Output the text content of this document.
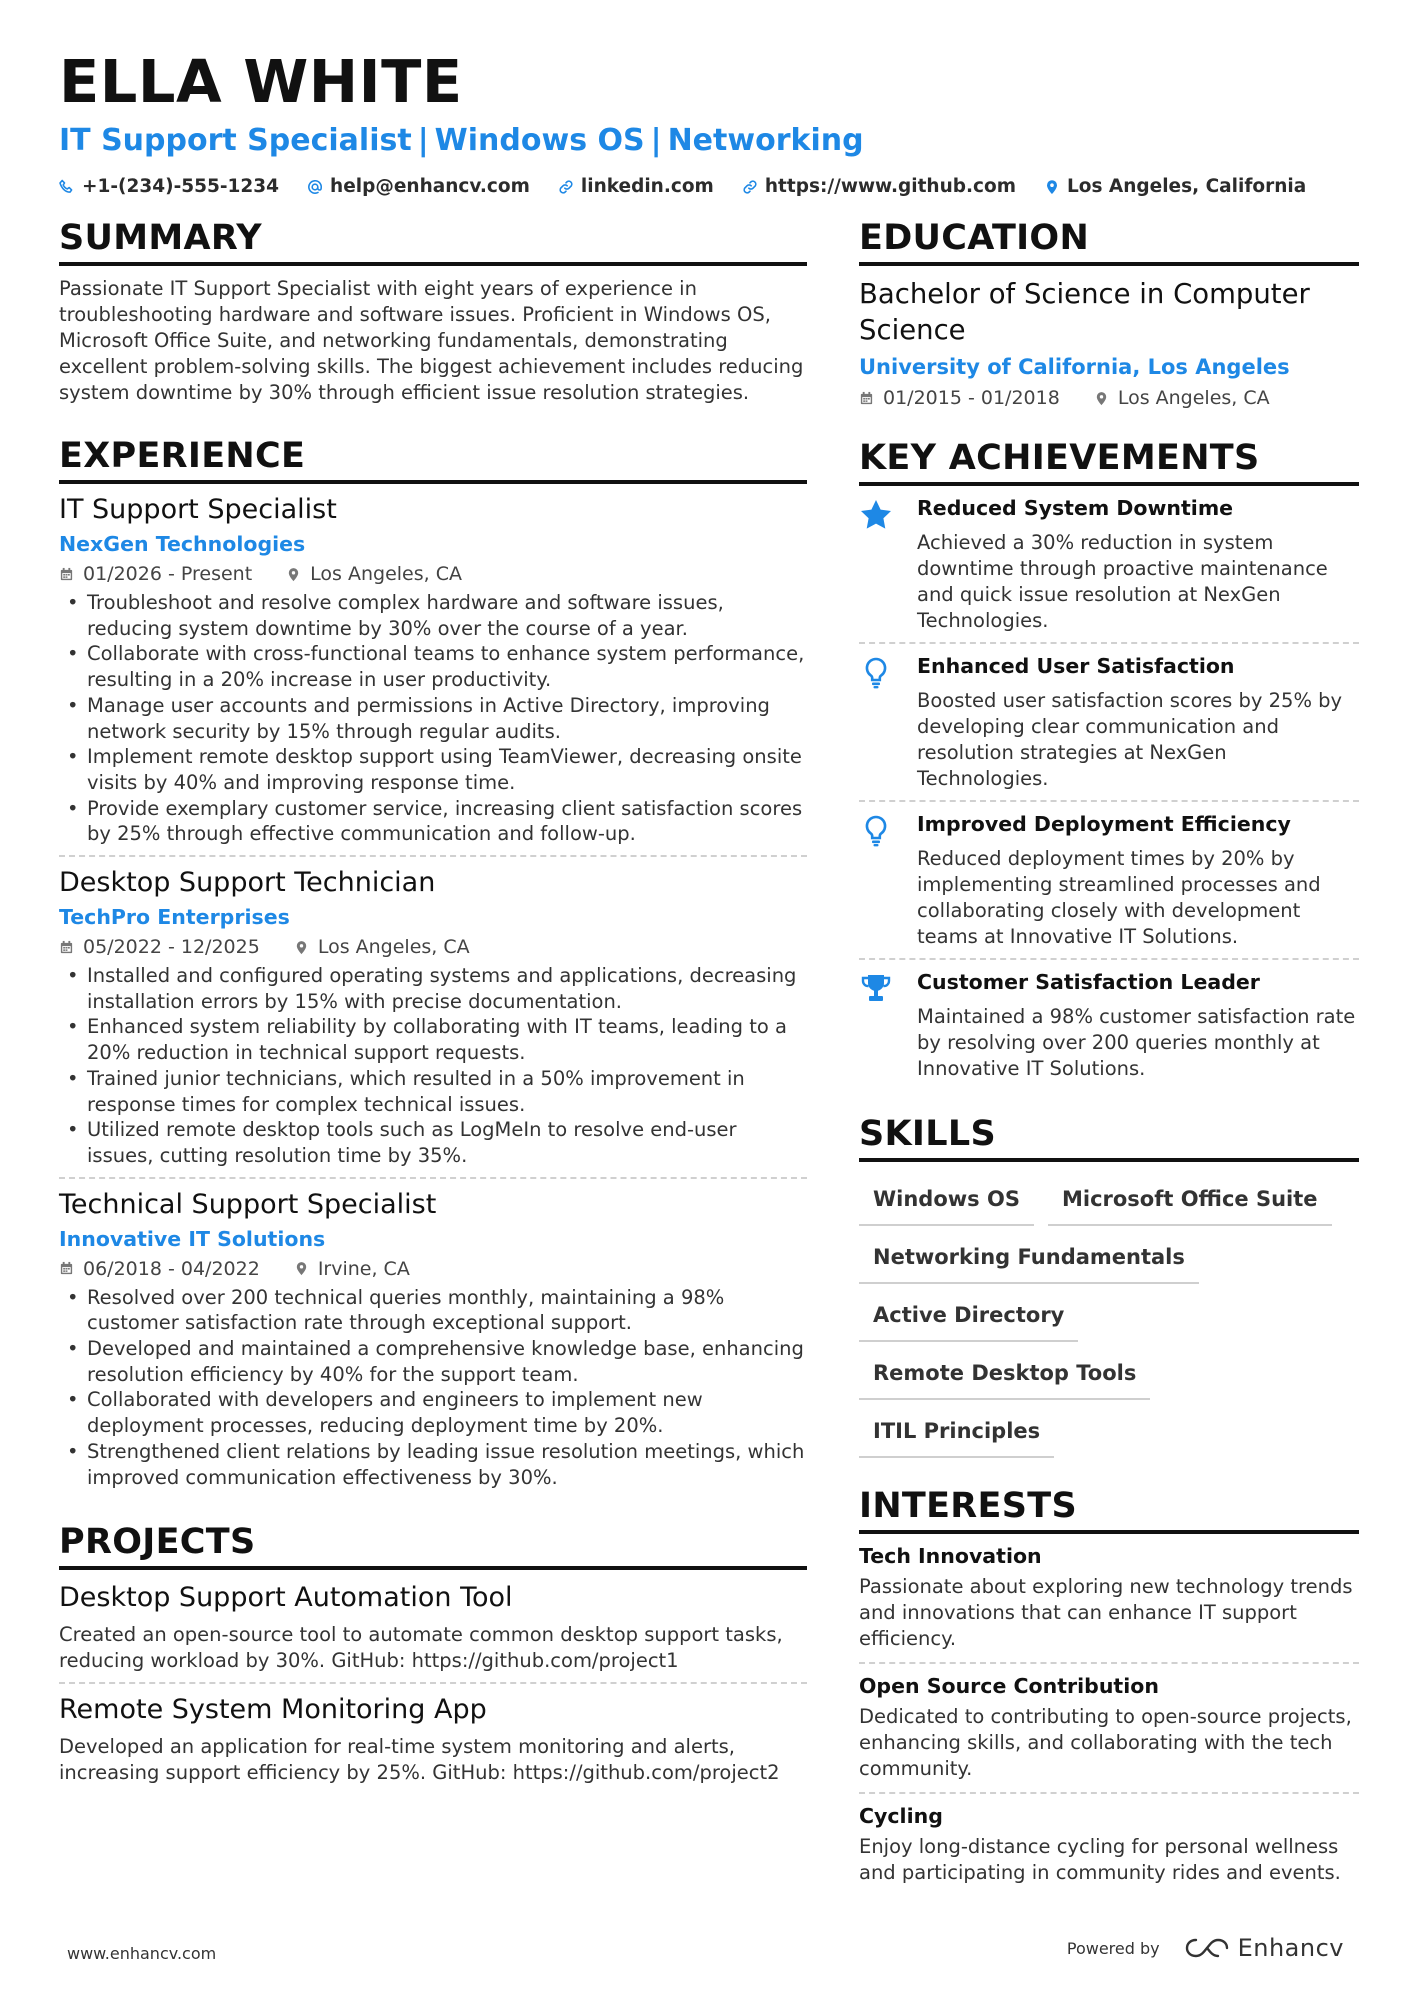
ELLA WHITE
IT Support Specialist | Windows OS | Networking
+1-(234)-555-1234	help@enhancv.com	linkedin.com	https://www.github.com	Los Angeles, California
SUMMARY
Passionate IT Support Specialist with eight years of experience in troubleshooting hardware and software issues. Proficient in Windows OS, Microsoft Office Suite, and networking fundamentals, demonstrating excellent problem-solving skills. The biggest achievement includes reducing system downtime by 30% through efficient issue resolution strategies.
EXPERIENCE
IT Support Specialist
NexGen Technologies
01/2026 - Present	Los Angeles, CA
• Troubleshoot and resolve complex hardware and software issues, reducing system downtime by 30% over the course of a year.
• Collaborate with cross-functional teams to enhance system performance, resulting in a 20% increase in user productivity.
• Manage user accounts and permissions in Active Directory, improving network security by 15% through regular audits.
• Implement remote desktop support using TeamViewer, decreasing onsite visits by 40% and improving response time.
• Provide exemplary customer service, increasing client satisfaction scores by 25% through effective communication and follow-up.
Desktop Support Technician
TechPro Enterprises
05/2022 - 12/2025	Los Angeles, CA
• Installed and configured operating systems and applications, decreasing installation errors by 15% with precise documentation.
• Enhanced system reliability by collaborating with IT teams, leading to a 20% reduction in technical support requests.
• Trained junior technicians, which resulted in a 50% improvement in response times for complex technical issues.
• Utilized remote desktop tools such as LogMeIn to resolve end-user issues, cutting resolution time by 35%.
Technical Support Specialist
Innovative IT Solutions
06/2018 - 04/2022	Irvine, CA
• Resolved over 200 technical queries monthly, maintaining a 98% customer satisfaction rate through exceptional support.
• Developed and maintained a comprehensive knowledge base, enhancing resolution efficiency by 40% for the support team.
• Collaborated with developers and engineers to implement new deployment processes, reducing deployment time by 20%.
• Strengthened client relations by leading issue resolution meetings, which improved communication effectiveness by 30%.
PROJECTS
Desktop Support Automation Tool
Created an open-source tool to automate common desktop support tasks, reducing workload by 30%. GitHub: https://github.com/project1
Remote System Monitoring App
Developed an application for real-time system monitoring and alerts, increasing support efficiency by 25%. GitHub: https://github.com/project2
EDUCATION
Bachelor of Science in Computer Science
University of California, Los Angeles
01/2015 - 01/2018	Los Angeles, CA
KEY ACHIEVEMENTS
Reduced System Downtime
Achieved a 30% reduction in system downtime through proactive maintenance and quick issue resolution at NexGen Technologies.
Enhanced User Satisfaction
Boosted user satisfaction scores by 25% by developing clear communication and resolution strategies at NexGen Technologies.
Improved Deployment Efficiency
Reduced deployment times by 20% by implementing streamlined processes and collaborating closely with development teams at Innovative IT Solutions.
Customer Satisfaction Leader
Maintained a 98% customer satisfaction rate by resolving over 200 queries monthly at Innovative IT Solutions.
SKILLS
Windows OS	Microsoft Office Suite
Networking Fundamentals
Active Directory
Remote Desktop Tools
ITIL Principles
INTERESTS
Tech Innovation
Passionate about exploring new technology trends and innovations that can enhance IT support efficiency.
Open Source Contribution
Dedicated to contributing to open-source projects, enhancing skills, and collaborating with the tech community.
Cycling
Enjoy long-distance cycling for personal wellness and participating in community rides and events.
www.enhancv.com	Powered by	Enhancv
